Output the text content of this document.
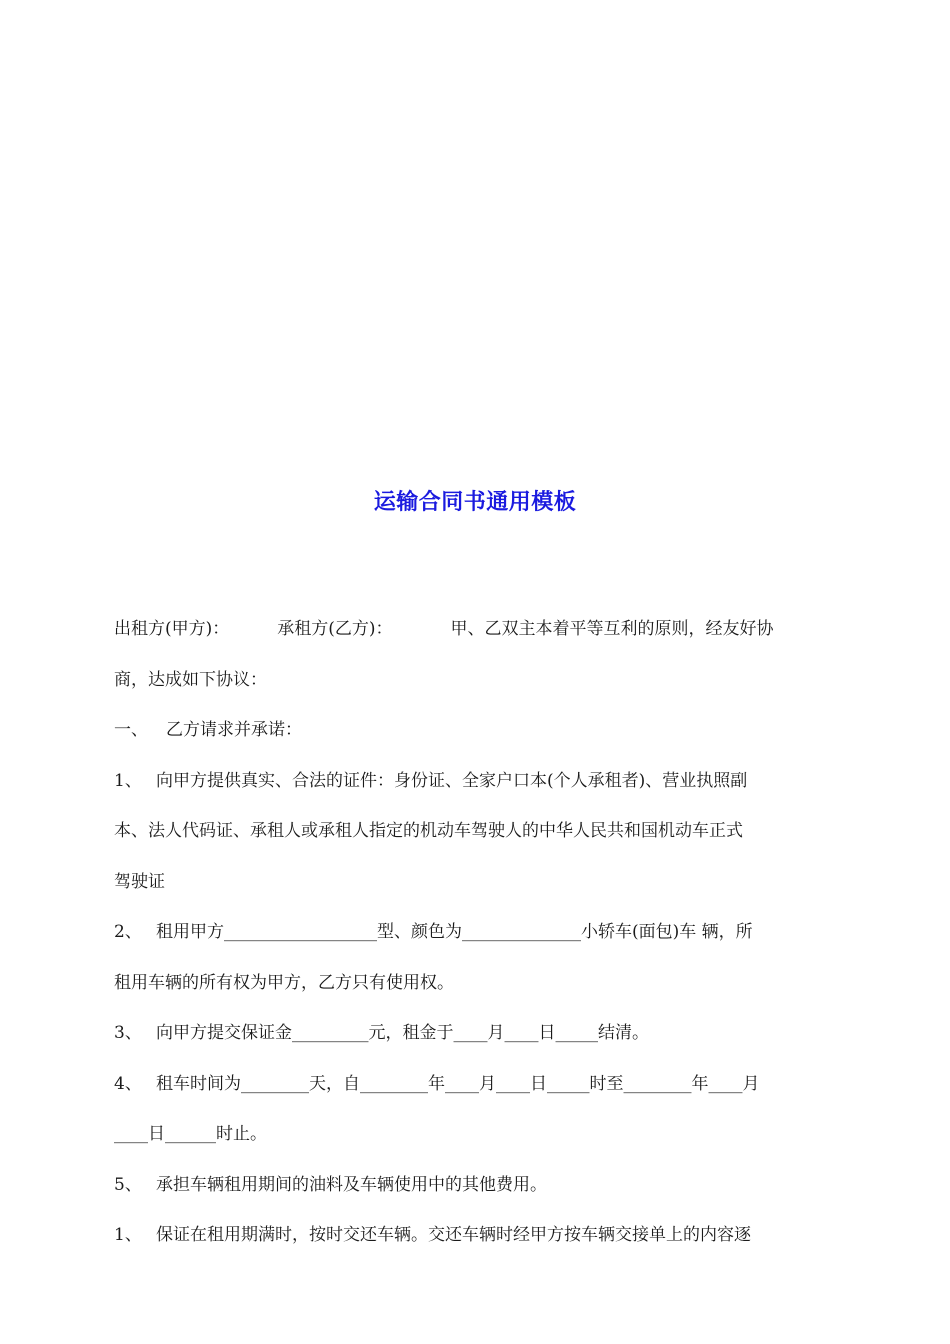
运输合同书通用模板

出租方(甲方)：	承租方(乙方)：	甲、乙双主本着平等互利的原则，经友好协

商，达成如下协议：

一、 乙方请求并承诺：

1、 向甲方提供真实、合法的证件：身份证、全家户口本(个人承租者)、营业执照副

本、法人代码证、承租人或承租人指定的机动车驾驶人的中华人民共和国机动车正式

驾驶证

2、 租用甲方__________________型、颜色为______________小轿车(面包)车 辆，所

租用车辆的所有权为甲方，乙方只有使用权。

3、 向甲方提交保证金_________元，租金于____月____日_____结清。

4、 租车时间为________天，自________年____月____日_____时至________年____月

____日______时止。

5、 承担车辆租用期间的油料及车辆使用中的其他费用。

1、 保证在租用期满时，按时交还车辆。交还车辆时经甲方按车辆交接单上的内容逐
